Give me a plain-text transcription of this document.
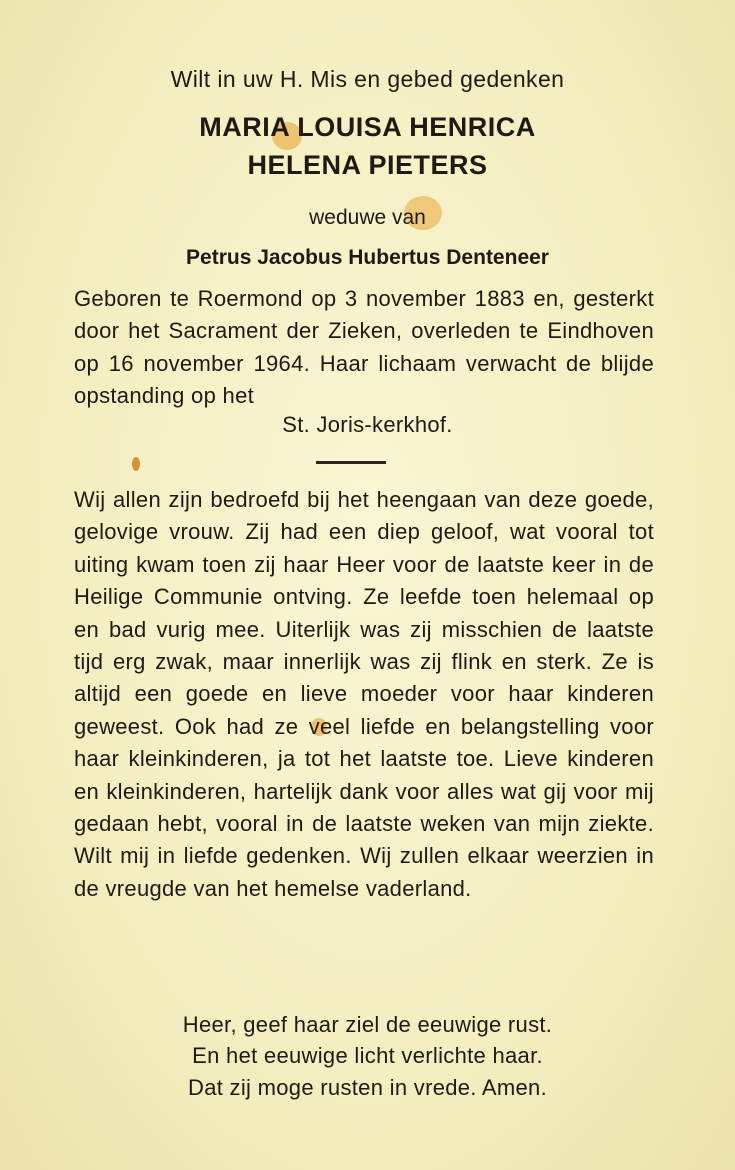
Wilt in uw H. Mis en gebed gedenken
MARIA LOUISA HENRICA
HELENA PIETERS
weduwe van
Petrus Jacobus Hubertus Denteneer
Geboren te Roermond op 3 november 1883 en, gesterkt door het Sacrament der Zieken, overleden te Eindhoven op 16 november 1964. Haar lichaam verwacht de blijde opstanding op het
St. Joris-kerkhof.
Wij allen zijn bedroefd bij het heengaan van deze goede, gelovige vrouw. Zij had een diep geloof, wat vooral tot uiting kwam toen zij haar Heer voor de laatste keer in de Heilige Communie ontving. Ze leefde toen helemaal op en bad vurig mee. Uiterlijk was zij misschien de laatste tijd erg zwak, maar innerlijk was zij flink en sterk. Ze is altijd een goede en lieve moeder voor haar kinderen geweest. Ook had ze veel liefde en belangstelling voor haar kleinkinderen, ja tot het laatste toe. Lieve kinderen en kleinkinderen, hartelijk dank voor alles wat gij voor mij gedaan hebt, vooral in de laatste weken van mijn ziekte. Wilt mij in liefde gedenken. Wij zullen elkaar weerzien in de vreugde van het hemelse vaderland.
Heer, geef haar ziel de eeuwige rust.
En het eeuwige licht verlichte haar.
Dat zij moge rusten in vrede. Amen.
